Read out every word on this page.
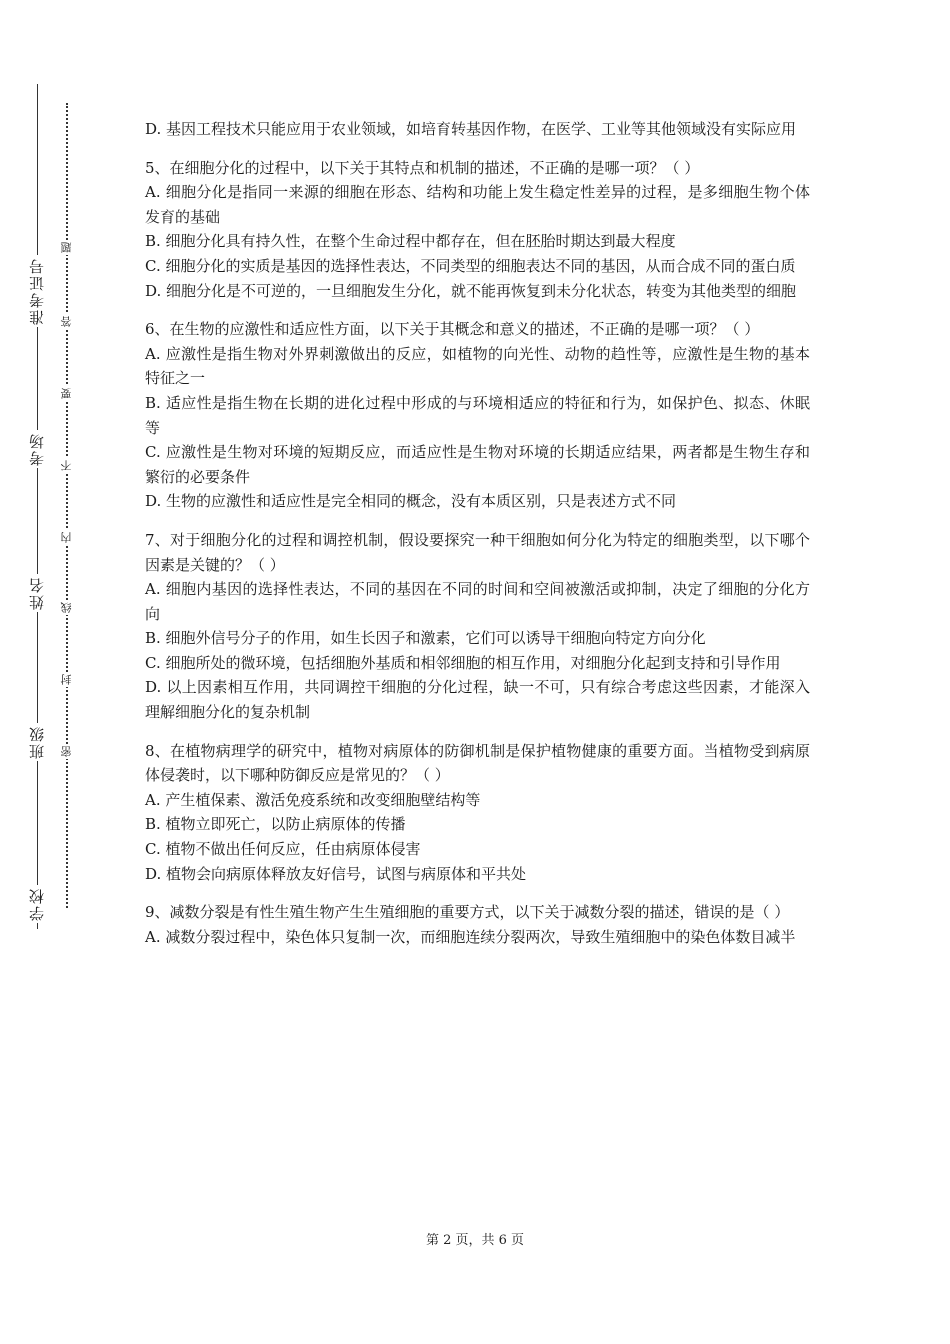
准考证号
考场
姓名
班级
学校
题
答
要
不
内
线
封
密

D. 基因工程技术只能应用于农业领域，如培育转基因作物，在医学、工业等其他领域没有实际应用

5、在细胞分化的过程中，以下关于其特点和机制的描述，不正确的是哪一项？（ ）

A. 细胞分化是指同一来源的细胞在形态、结构和功能上发生稳定性差异的过程，是多细胞生物个体发育的基础

B. 细胞分化具有持久性，在整个生命过程中都存在，但在胚胎时期达到最大程度

C. 细胞分化的实质是基因的选择性表达，不同类型的细胞表达不同的基因，从而合成不同的蛋白质

D. 细胞分化是不可逆的，一旦细胞发生分化，就不能再恢复到未分化状态，转变为其他类型的细胞

6、在生物的应激性和适应性方面，以下关于其概念和意义的描述，不正确的是哪一项？（ ）

A. 应激性是指生物对外界刺激做出的反应，如植物的向光性、动物的趋性等，应激性是生物的基本特征之一

B. 适应性是指生物在长期的进化过程中形成的与环境相适应的特征和行为，如保护色、拟态、休眠等

C. 应激性是生物对环境的短期反应，而适应性是生物对环境的长期适应结果，两者都是生物生存和繁衍的必要条件

D. 生物的应激性和适应性是完全相同的概念，没有本质区别，只是表述方式不同

7、对于细胞分化的过程和调控机制，假设要探究一种干细胞如何分化为特定的细胞类型，以下哪个因素是关键的？（ ）

A. 细胞内基因的选择性表达，不同的基因在不同的时间和空间被激活或抑制，决定了细胞的分化方向

B. 细胞外信号分子的作用，如生长因子和激素，它们可以诱导干细胞向特定方向分化

C. 细胞所处的微环境，包括细胞外基质和相邻细胞的相互作用，对细胞分化起到支持和引导作用

D. 以上因素相互作用，共同调控干细胞的分化过程，缺一不可，只有综合考虑这些因素，才能深入理解细胞分化的复杂机制

8、在植物病理学的研究中，植物对病原体的防御机制是保护植物健康的重要方面。当植物受到病原体侵袭时，以下哪种防御反应是常见的？（ ）

A. 产生植保素、激活免疫系统和改变细胞壁结构等

B. 植物立即死亡，以防止病原体的传播

C. 植物不做出任何反应，任由病原体侵害

D. 植物会向病原体释放友好信号，试图与病原体和平共处

9、减数分裂是有性生殖生物产生生殖细胞的重要方式，以下关于减数分裂的描述，错误的是（ ）

A. 减数分裂过程中，染色体只复制一次，而细胞连续分裂两次，导致生殖细胞中的染色体数目减半

第 2 页，共 6 页
